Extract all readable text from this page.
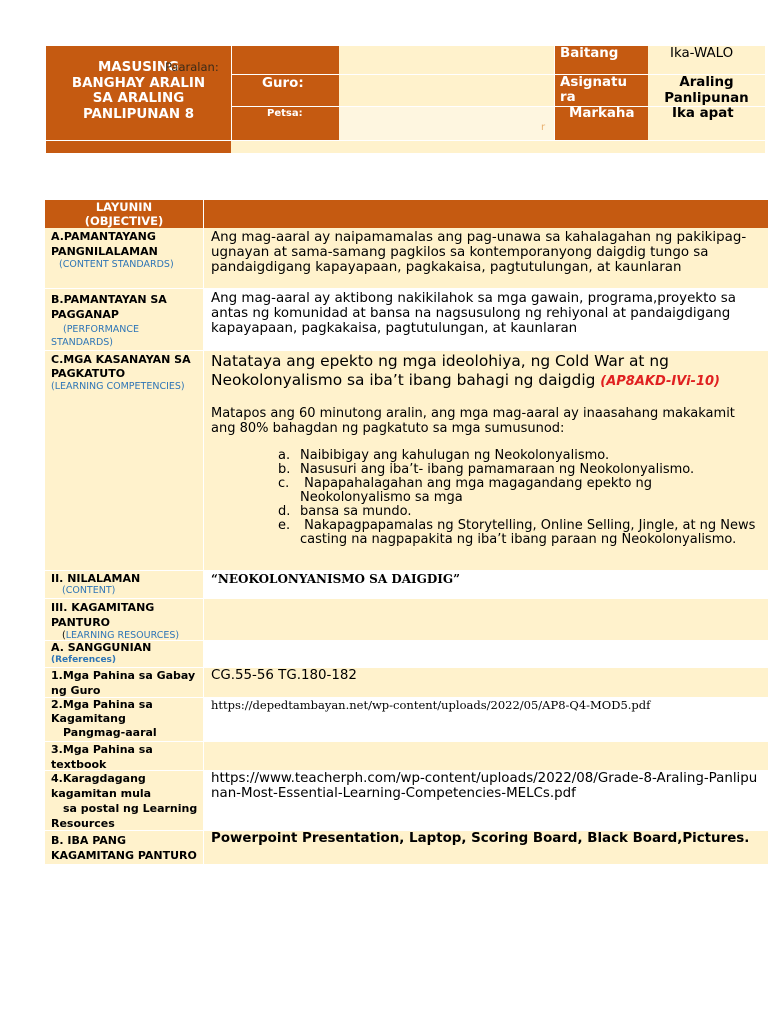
MASUSING
BANGHAY ARALIN
SA ARALING
PANLIPUNAN 8
Paaralan:
Guro:
Petsa:
r
Baitang
Asignatu ra
Markaha
Ika-WALO
Araling
Panlipunan
Ika apat
LAYUNIN (OBJECTIVE)
A.PAMANTAYANG PANGNILALAMAN
(CONTENT STANDARDS)
Ang mag-aaral ay naipamamalas ang pag-unawa sa kahalagahan ng pakikipag- ugnayan at sama-samang pagkilos sa kontemporanyong daigdig tungo sa pandaigdigang kapayapaan, pagkakaisa, pagtutulungan, at kaunlaran
B.PAMANTAYAN SA PAGGANAP
(PERFORMANCE STANDARDS)
Ang mag-aaral ay aktibong nakikilahok sa mga gawain, programa,proyekto sa antas ng komunidad at bansa na nagsusulong ng rehiyonal at pandaigdigang kapayapaan, pagkakaisa, pagtutulungan, at kaunlaran
C.MGA KASANAYAN SA PAGKATUTO
(LEARNING COMPETENCIES)
Natataya ang epekto ng mga ideolohiya, ng Cold War at ng Neokolonyalismo sa iba’t ibang bahagi ng daigdig (AP8AKD-IVi-10)
Matapos ang 60 minutong aralin, ang mga mag-aaral ay inaasahang makakamit ang 80% bahagdan ng pagkatuto sa mga sumusunod:
a. Naibibigay ang kahulugan ng Neokolonyalismo.
b. Nasusuri ang iba’t- ibang pamamaraan ng Neokolonyalismo.
c. Napapahalagahan ang mga magagandang epekto ng Neokolonyalismo sa mga
d. bansa sa mundo.
e. Nakapagpapamalas ng Storytelling, Online Selling, Jingle, at ng News casting na nagpapakita ng iba’t ibang paraan ng Neokolonyalismo.
II. NILALAMAN
(CONTENT)
“NEOKOLONYANISMO SA DAIGDIG”
III. KAGAMITANG PANTURO
(LEARNING RESOURCES)
A. SANGGUNIAN
(References)
1.Mga Pahina sa Gabay ng Guro
CG.55-56 TG.180-182
2.Mga Pahina sa Kagamitang
Pangmag-aaral
https://depedtambayan.net/wp-content/uploads/2022/05/AP8-Q4-MOD5.pdf
3.Mga Pahina sa textbook
4.Karagdagang kagamitan mula
sa postal ng Learning Resources
https://www.teacherph.com/wp-content/uploads/2022/08/Grade-8-Araling-Panlipunan-Most-Essential-Learning-Competencies-MELCs.pdf
B. IBA PANG KAGAMITANG PANTURO
Powerpoint Presentation, Laptop, Scoring Board, Black Board,Pictures.
